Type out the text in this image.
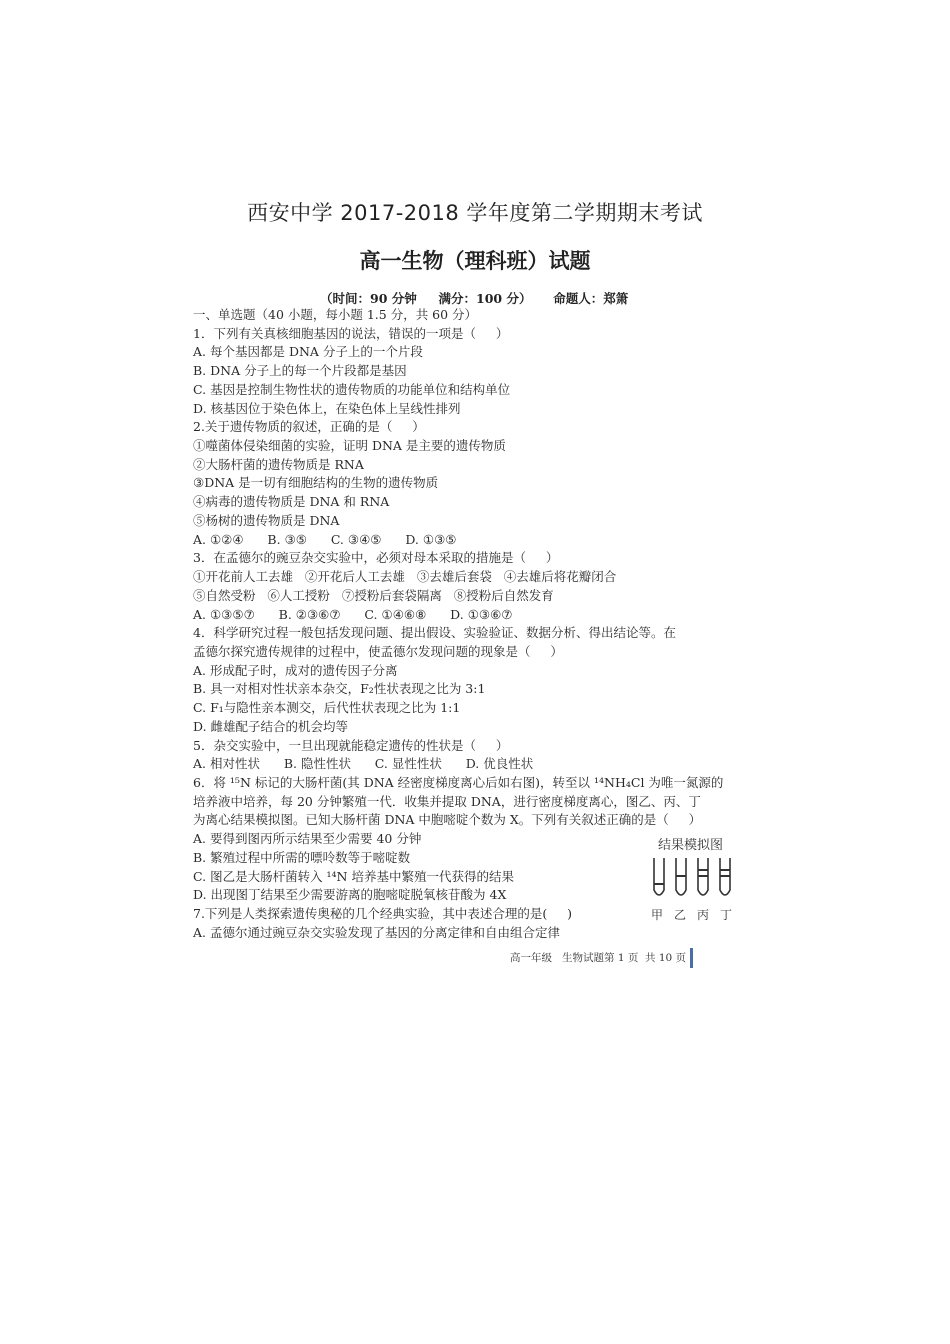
西安中学 2017-2018 学年度第二学期期末考试
高一生物（理科班）试题
（时间：90 分钟     满分：100 分）     命题人：郑箫
一、单选题（40 小题，每小题 1.5 分，共 60 分）
1．下列有关真核细胞基因的说法，错误的一项是（     ）
A. 每个基因都是 DNA 分子上的一个片段
B. DNA 分子上的每一个片段都是基因
C. 基因是控制生物性状的遗传物质的功能单位和结构单位
D. 核基因位于染色体上，在染色体上呈线性排列
2.关于遗传物质的叙述，正确的是（     ）
①噬菌体侵染细菌的实验，证明 DNA 是主要的遗传物质
②大肠杆菌的遗传物质是 RNA
③DNA 是一切有细胞结构的生物的遗传物质
④病毒的遗传物质是 DNA 和 RNA
⑤杨树的遗传物质是 DNA
A. ①②④      B. ③⑤      C. ③④⑤      D. ①③⑤
3．在孟德尔的豌豆杂交实验中，必须对母本采取的措施是（     ）
①开花前人工去雄   ②开花后人工去雄   ③去雄后套袋   ④去雄后将花瓣闭合
⑤自然受粉   ⑥人工授粉   ⑦授粉后套袋隔离   ⑧授粉后自然发育
A. ①③⑤⑦      B. ②③⑥⑦      C. ①④⑥⑧      D. ①③⑥⑦
4．科学研究过程一般包括发现问题、提出假设、实验验证、数据分析、得出结论等。在
孟德尔探究遗传规律的过程中，使孟德尔发现问题的现象是（     ）
A. 形成配子时，成对的遗传因子分离
B. 具一对相对性状亲本杂交，F₂性状表现之比为 3:1
C. F₁与隐性亲本测交，后代性状表现之比为 1:1
D. 雌雄配子结合的机会均等
5．杂交实验中，一旦出现就能稳定遗传的性状是（     ）
A. 相对性状      B. 隐性性状      C. 显性性状      D. 优良性状
6．将 ¹⁵N 标记的大肠杆菌(其 DNA 经密度梯度离心后如右图)，转至以 ¹⁴NH₄Cl 为唯一氮源的
培养液中培养，每 20 分钟繁殖一代．收集并提取 DNA，进行密度梯度离心，图乙、丙、丁
为离心结果模拟图。已知大肠杆菌 DNA 中胞嘧啶个数为 X。下列有关叙述正确的是（     ）
A. 要得到图丙所示结果至少需要 40 分钟
B. 繁殖过程中所需的嘌呤数等于嘧啶数
C. 图乙是大肠杆菌转入 ¹⁴N 培养基中繁殖一代获得的结果
D. 出现图丁结果至少需要游离的胞嘧啶脱氧核苷酸为 4X
7.下列是人类探索遗传奥秘的几个经典实验，其中表述合理的是(     )
A. 孟德尔通过豌豆杂交实验发现了基因的分离定律和自由组合定律
结果模拟图
甲 乙 丙 丁
高一年级   生物试题第 1 页  共 10 页
